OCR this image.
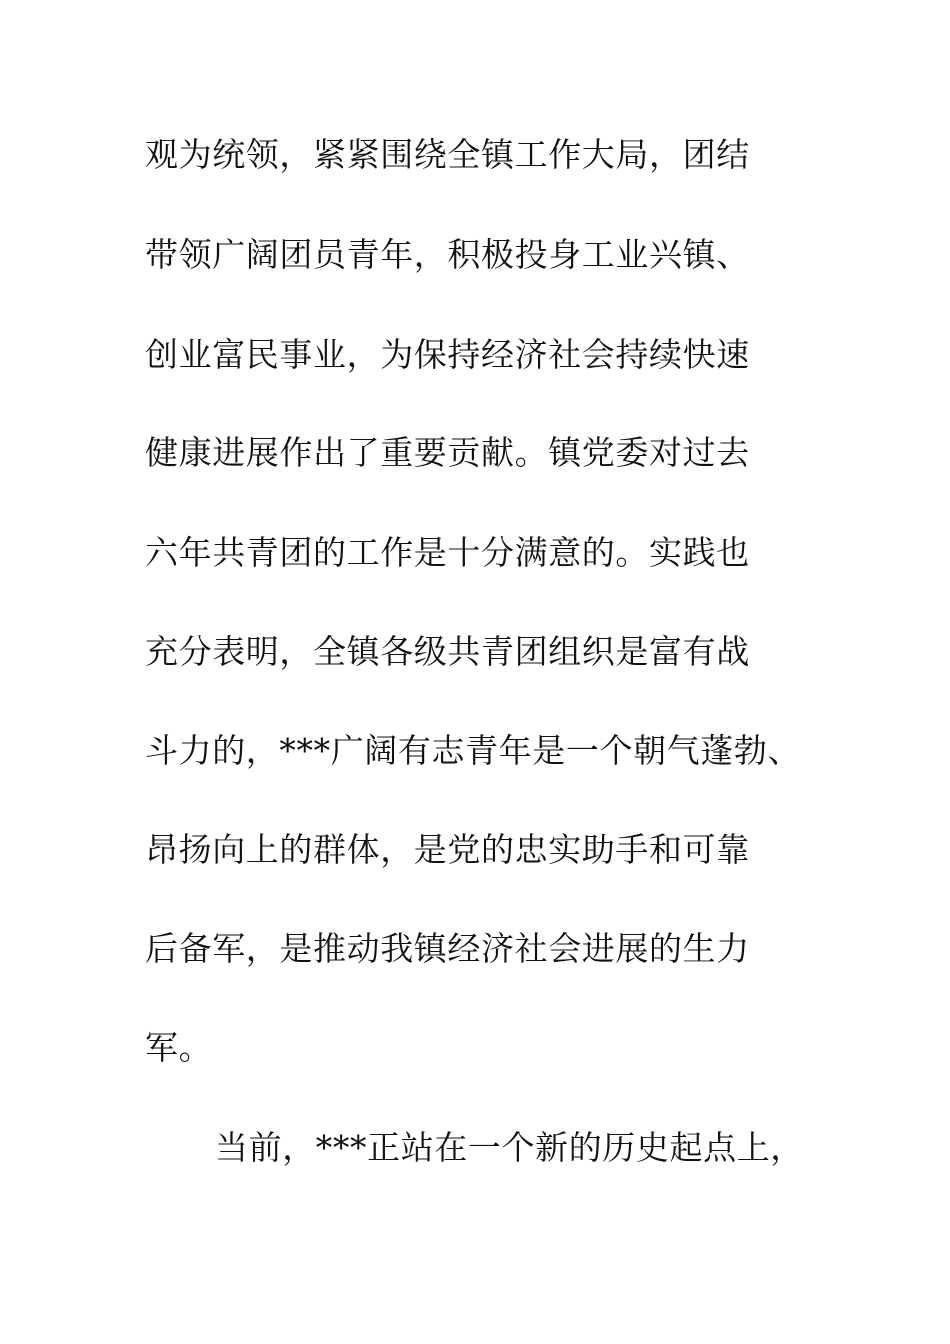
观为统领，紧紧围绕全镇工作大局，团结
带领广阔团员青年，积极投身工业兴镇、
创业富民事业，为保持经济社会持续快速
健康进展作出了重要贡献。镇党委对过去
六年共青团的工作是十分满意的。实践也
充分表明，全镇各级共青团组织是富有战
斗力的，***广阔有志青年是一个朝气蓬勃、
昂扬向上的群体，是党的忠实助手和可靠
后备军，是推动我镇经济社会进展的生力
军。
当前，***正站在一个新的历史起点上，
